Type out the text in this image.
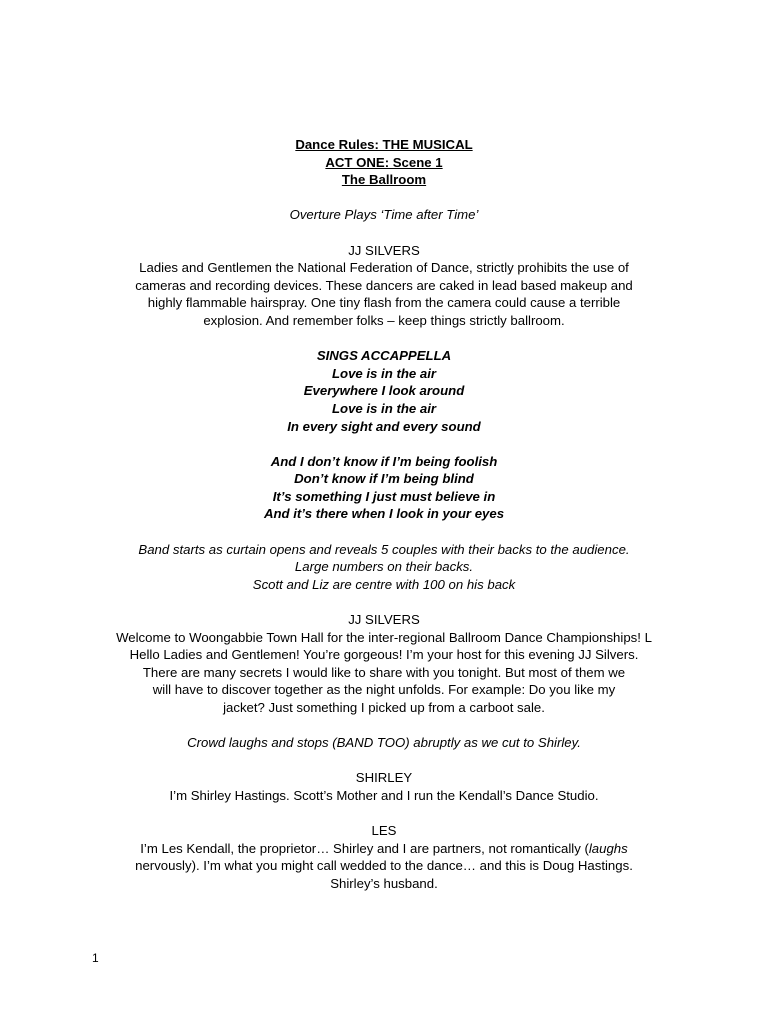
Dance Rules: THE MUSICAL

ACT ONE: Scene 1

The Ballroom

Overture Plays ‘Time after Time’

JJ SILVERS

Ladies and Gentlemen the National Federation of Dance, strictly prohibits the use of

cameras and recording devices. These dancers are caked in lead based makeup and

highly flammable hairspray. One tiny flash from the camera could cause a terrible

explosion. And remember folks – keep things strictly ballroom.

SINGS ACCAPPELLA

Love is in the air

Everywhere I look around

Love is in the air

In every sight and every sound

And I don’t know if I’m being foolish

Don’t know if I’m being blind

It’s something I just must believe in

And it’s there when I look in your eyes

Band starts as curtain opens and reveals 5 couples with their backs to the audience.

Large numbers on their backs.

Scott and Liz are centre with 100 on his back

JJ SILVERS

Welcome to Woongabbie Town Hall for the inter-regional Ballroom Dance Championships! L

Hello Ladies and Gentlemen! You’re gorgeous! I’m your host for this evening JJ Silvers.

There are many secrets I would like to share with you tonight. But most of them we

will have to discover together as the night unfolds. For example: Do you like my

jacket? Just something I picked up from a carboot sale.

Crowd laughs and stops (BAND TOO) abruptly as we cut to Shirley.

SHIRLEY

I’m Shirley Hastings. Scott’s Mother and I run the Kendall’s Dance Studio.

LES

I’m Les Kendall, the proprietor… Shirley and I are partners, not romantically (laughs

nervously). I’m what you might call wedded to the dance… and this is Doug Hastings.

Shirley’s husband.

1
